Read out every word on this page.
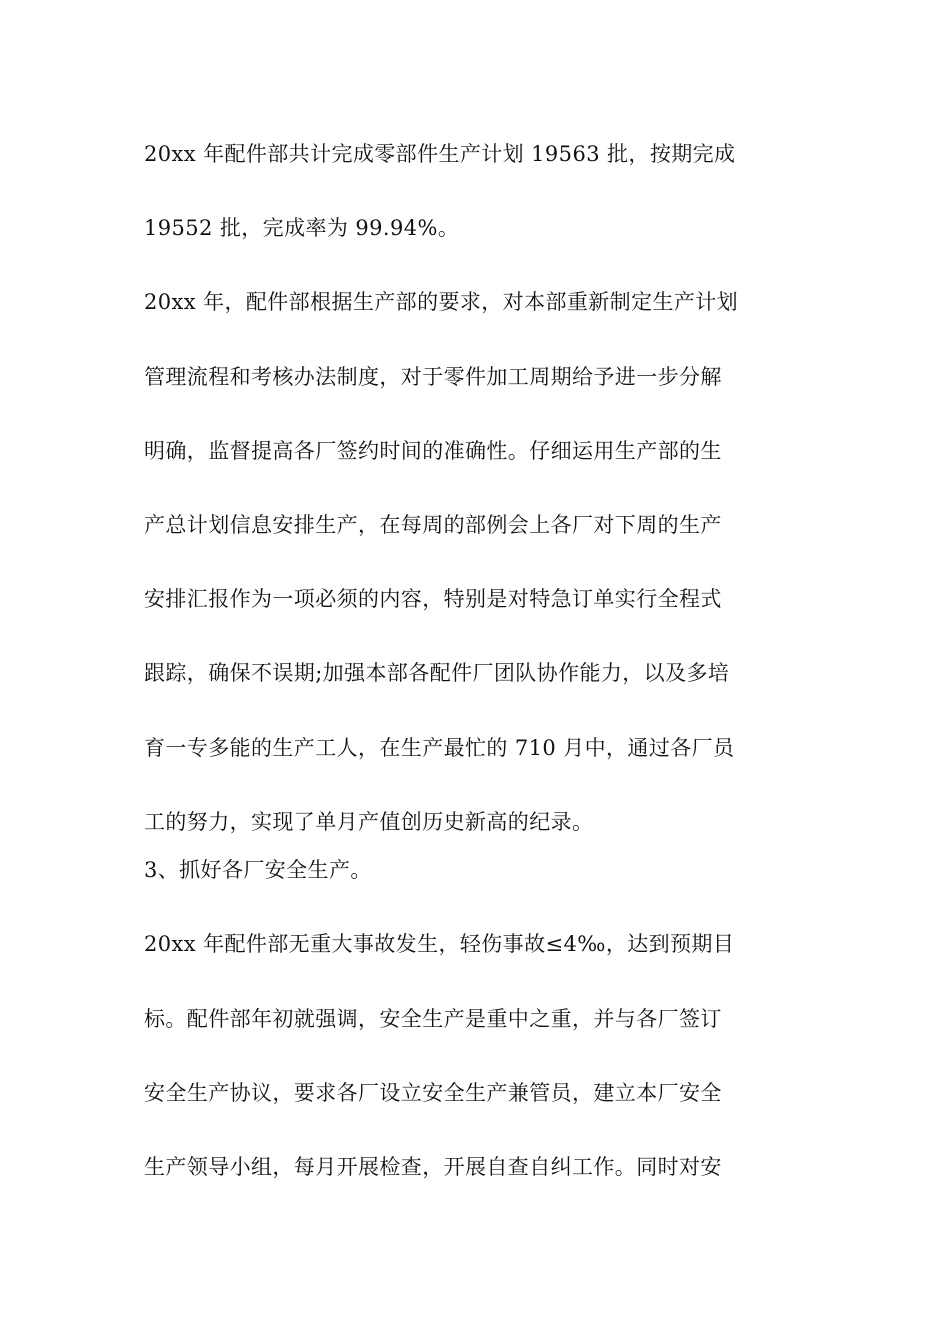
20xx 年配件部共计完成零部件生产计划 19563 批，按期完成
19552 批，完成率为 99.94%。
20xx 年，配件部根据生产部的要求，对本部重新制定生产计划
管理流程和考核办法制度，对于零件加工周期给予进一步分解
明确，监督提高各厂签约时间的准确性。仔细运用生产部的生
产总计划信息安排生产，在每周的部例会上各厂对下周的生产
安排汇报作为一项必须的内容，特别是对特急订单实行全程式
跟踪，确保不误期;加强本部各配件厂团队协作能力，以及多培
育一专多能的生产工人，在生产最忙的 710 月中，通过各厂员
工的努力，实现了单月产值创历史新高的纪录。
3、抓好各厂安全生产。
20xx 年配件部无重大事故发生，轻伤事故≤4‰，达到预期目
标。配件部年初就强调，安全生产是重中之重，并与各厂签订
安全生产协议，要求各厂设立安全生产兼管员，建立本厂安全
生产领导小组，每月开展检查，开展自查自纠工作。同时对安
